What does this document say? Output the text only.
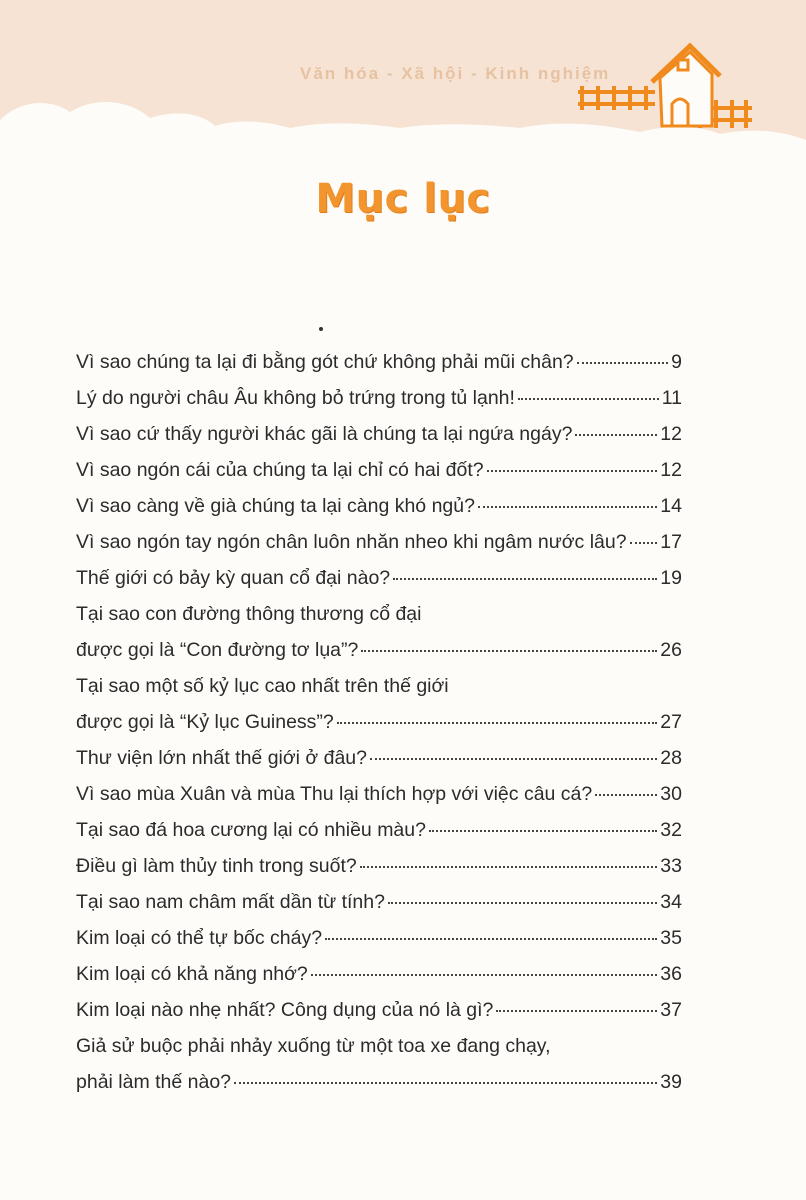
Văn hóa - Xã hội - Kinh nghiệm
Mục lục
Vì sao chúng ta lại đi bằng gót chứ không phải mũi chân?	9
Lý do người châu Âu không bỏ trứng trong tủ lạnh!	11
Vì sao cứ thấy người khác gãi là chúng ta lại ngứa ngáy?	12
Vì sao ngón cái của chúng ta lại chỉ có hai đốt?	12
Vì sao càng về già chúng ta lại càng khó ngủ?	14
Vì sao ngón tay ngón chân luôn nhăn nheo khi ngâm nước lâu? 17
Thế giới có bảy kỳ quan cổ đại nào?	19
Tại sao con đường thông thương cổ đại
được gọi là “Con đường tơ lụa”?	26
Tại sao một số kỷ lục cao nhất trên thế giới
được gọi là “Kỷ lục Guiness”?	27
Thư viện lớn nhất thế giới ở đâu?	28
Vì sao mùa Xuân và mùa Thu lại thích hợp với việc câu cá?	30
Tại sao đá hoa cương lại có nhiều màu?	32
Điều gì làm thủy tinh trong suốt?	33
Tại sao nam châm mất dần từ tính?	34
Kim loại có thể tự bốc cháy?	35
Kim loại có khả năng nhớ?	36
Kim loại nào nhẹ nhất? Công dụng của nó là gì?	37
Giả sử buộc phải nhảy xuống từ một toa xe đang chạy,
phải làm thế nào?	39
